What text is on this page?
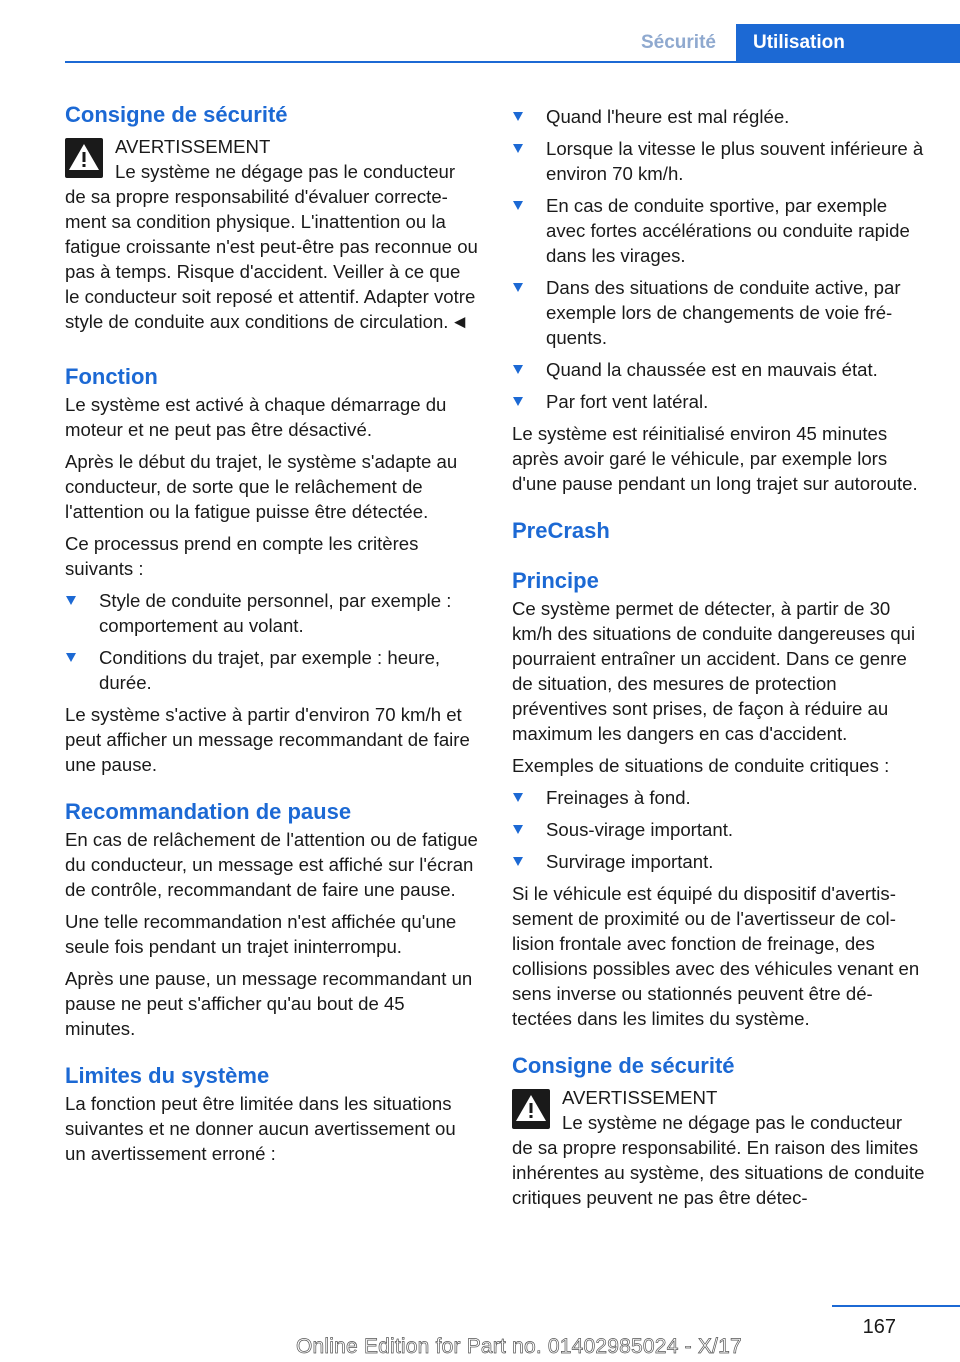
Sécurité	Utilisation
Consigne de sécurité
AVERTISSEMENT
Le système ne dégage pas le conducteur de sa propre responsabilité d'évaluer correctement sa condition physique. L'inattention ou la fatigue croissante n'est peut-être pas reconnue ou pas à temps. Risque d'accident. Veiller à ce que le conducteur soit reposé et attentif. Adapter votre style de conduite aux conditions de circulation. ◄
Fonction

Le système est activé à chaque démarrage du moteur et ne peut pas être désactivé.

Après le début du trajet, le système s'adapte au conducteur, de sorte que le relâchement de l'attention ou la fatigue puisse être détectée.

Ce processus prend en compte les critères suivants :

Style de conduite personnel, par exemple : comportement au volant.
Conditions du trajet, par exemple : heure, durée.

Le système s'active à partir d'environ 70 km/h et peut afficher un message recommandant de faire une pause.

Recommandation de pause

En cas de relâchement de l'attention ou de fatigue du conducteur, un message est affiché sur l'écran de contrôle, recommandant de faire une pause.

Une telle recommandation n'est affichée qu'une seule fois pendant un trajet ininterrompu.

Après une pause, un message recommandant un pause ne peut s'afficher qu'au bout de 45 minutes.

Limites du système

La fonction peut être limitée dans les situations suivantes et ne donner aucun avertissement ou un avertissement erroné :

Quand l'heure est mal réglée.
Lorsque la vitesse le plus souvent inférieure à environ 70 km/h.
En cas de conduite sportive, par exemple avec fortes accélérations ou conduite rapide dans les virages.
Dans des situations de conduite active, par exemple lors de changements de voie fréquents.
Quand la chaussée est en mauvais état.
Par fort vent latéral.

Le système est réinitialisé environ 45 minutes après avoir garé le véhicule, par exemple lors d'une pause pendant un long trajet sur autoroute.

PreCrash
Principe

Ce système permet de détecter, à partir de 30 km/h des situations de conduite dangereuses qui pourraient entraîner un accident. Dans ce genre de situation, des mesures de protection préventives sont prises, de façon à réduire au maximum les dangers en cas d'accident.

Exemples de situations de conduite critiques :

Freinages à fond.
Sous-virage important.
Survirage important.

Si le véhicule est équipé du dispositif d'avertissement de proximité ou de l'avertisseur de collision frontale avec fonction de freinage, des collisions possibles avec des véhicules venant en sens inverse ou stationnés peuvent être détectées dans les limites du système.

Consigne de sécurité
AVERTISSEMENT
Le système ne dégage pas le conducteur de sa propre responsabilité. En raison des limites inhérentes au système, des situations de conduite critiques peuvent ne pas être détec-
167
Online Edition for Part no. 01402985024 - X/17
